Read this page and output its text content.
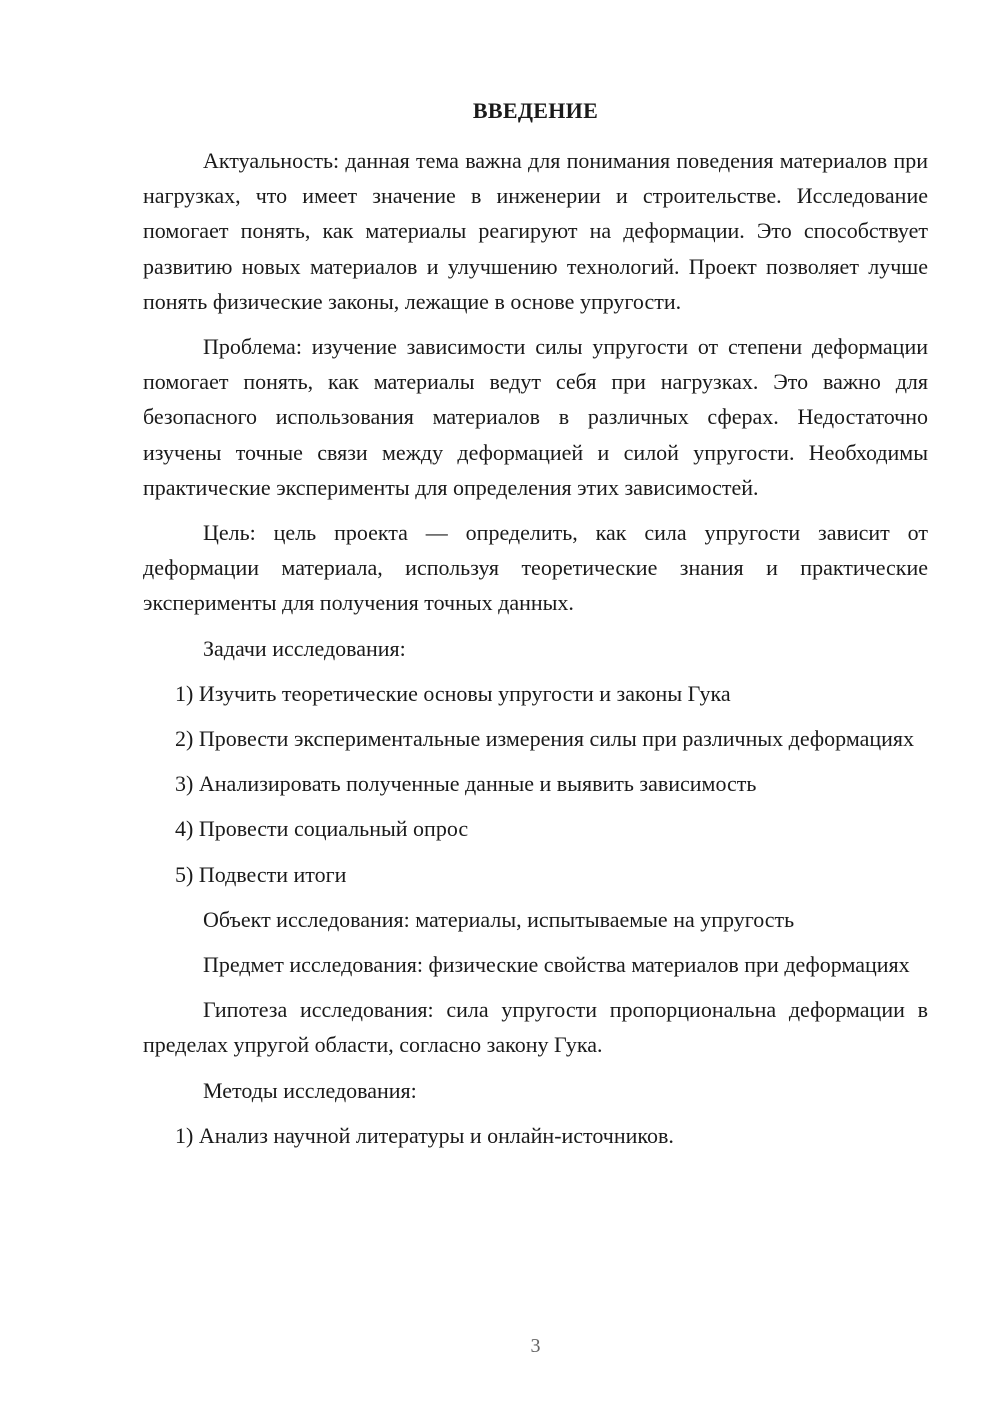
ВВЕДЕНИЕ

Актуальность: данная тема важна для понимания поведения материалов при нагрузках, что имеет значение в инженерии и строительстве. Исследование помогает понять, как материалы реагируют на деформации. Это способствует развитию новых материалов и улучшению технологий. Проект позволяет лучше понять физические законы, лежащие в основе упругости.

Проблема: изучение зависимости силы упругости от степени деформации помогает понять, как материалы ведут себя при нагрузках. Это важно для безопасного использования материалов в различных сферах. Недостаточно изучены точные связи между деформацией и силой упругости. Необходимы практические эксперименты для определения этих зависимостей.

Цель: цель проекта — определить, как сила упругости зависит от деформации материала, используя теоретические знания и практические эксперименты для получения точных данных.

Задачи исследования:

1) Изучить теоретические основы упругости и законы Гука

2) Провести экспериментальные измерения силы при различных деформациях

3) Анализировать полученные данные и выявить зависимость

4) Провести социальный опрос

5) Подвести итоги

Объект исследования: материалы, испытываемые на упругость

Предмет исследования: физические свойства материалов при деформациях

Гипотеза исследования: сила упругости пропорциональна деформации в пределах упругой области, согласно закону Гука.

Методы исследования:

1) Анализ научной литературы и онлайн-источников.

3
